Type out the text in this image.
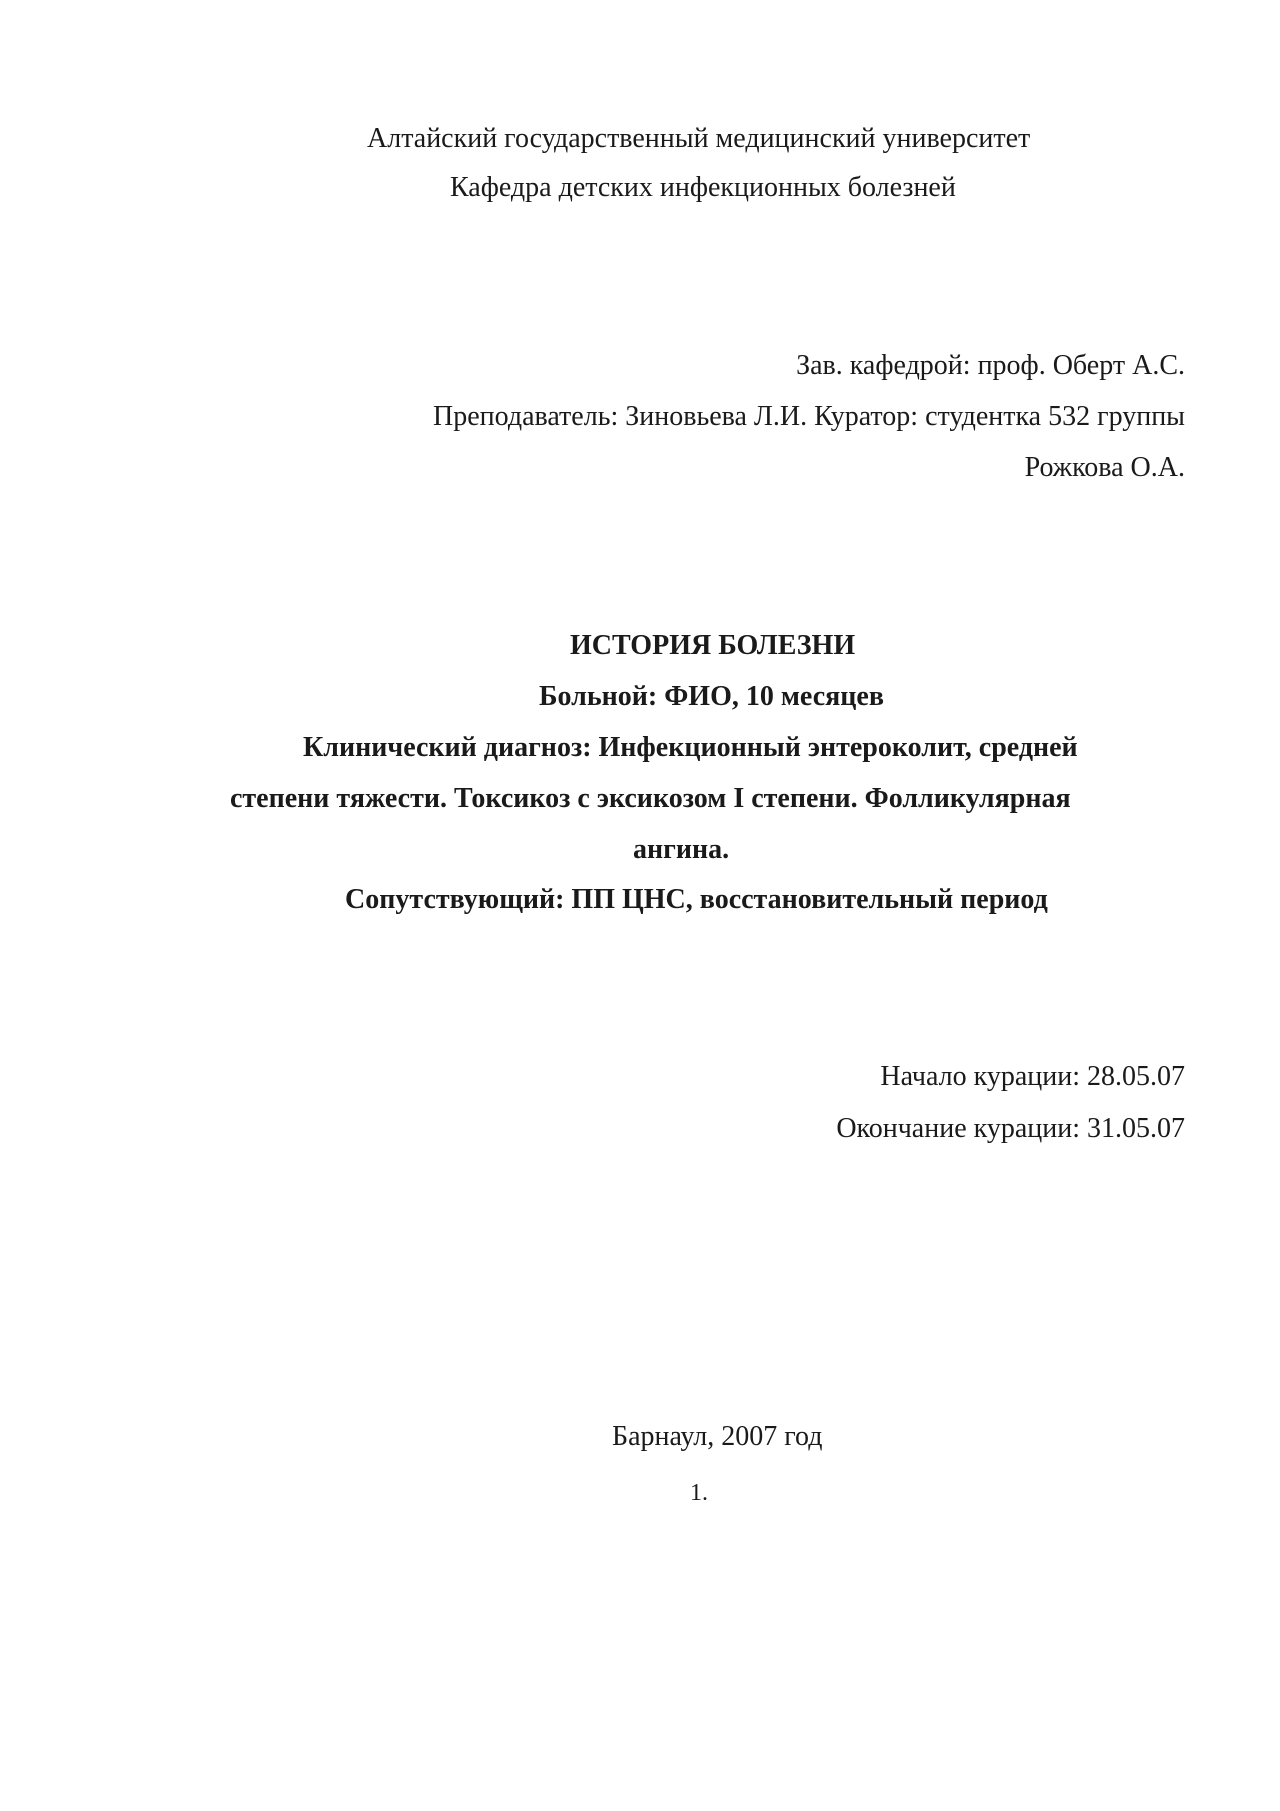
Алтайский государственный медицинский университет
Кафедра детских инфекционных болезней
Зав. кафедрой: проф. Оберт А.С.
Преподаватель: Зиновьева Л.И. Куратор: студентка 532 группы
Рожкова О.А.
ИСТОРИЯ БОЛЕЗНИ
Больной: ФИО, 10 месяцев
Клинический диагноз: Инфекционный энтероколит, средней
степени тяжести. Токсикоз с эксикозом I степени. Фолликулярная
ангина.
Сопутствующий: ПП ЦНС, восстановительный период
Начало курации: 28.05.07
Окончание курации: 31.05.07
Барнаул, 2007 год
1.
